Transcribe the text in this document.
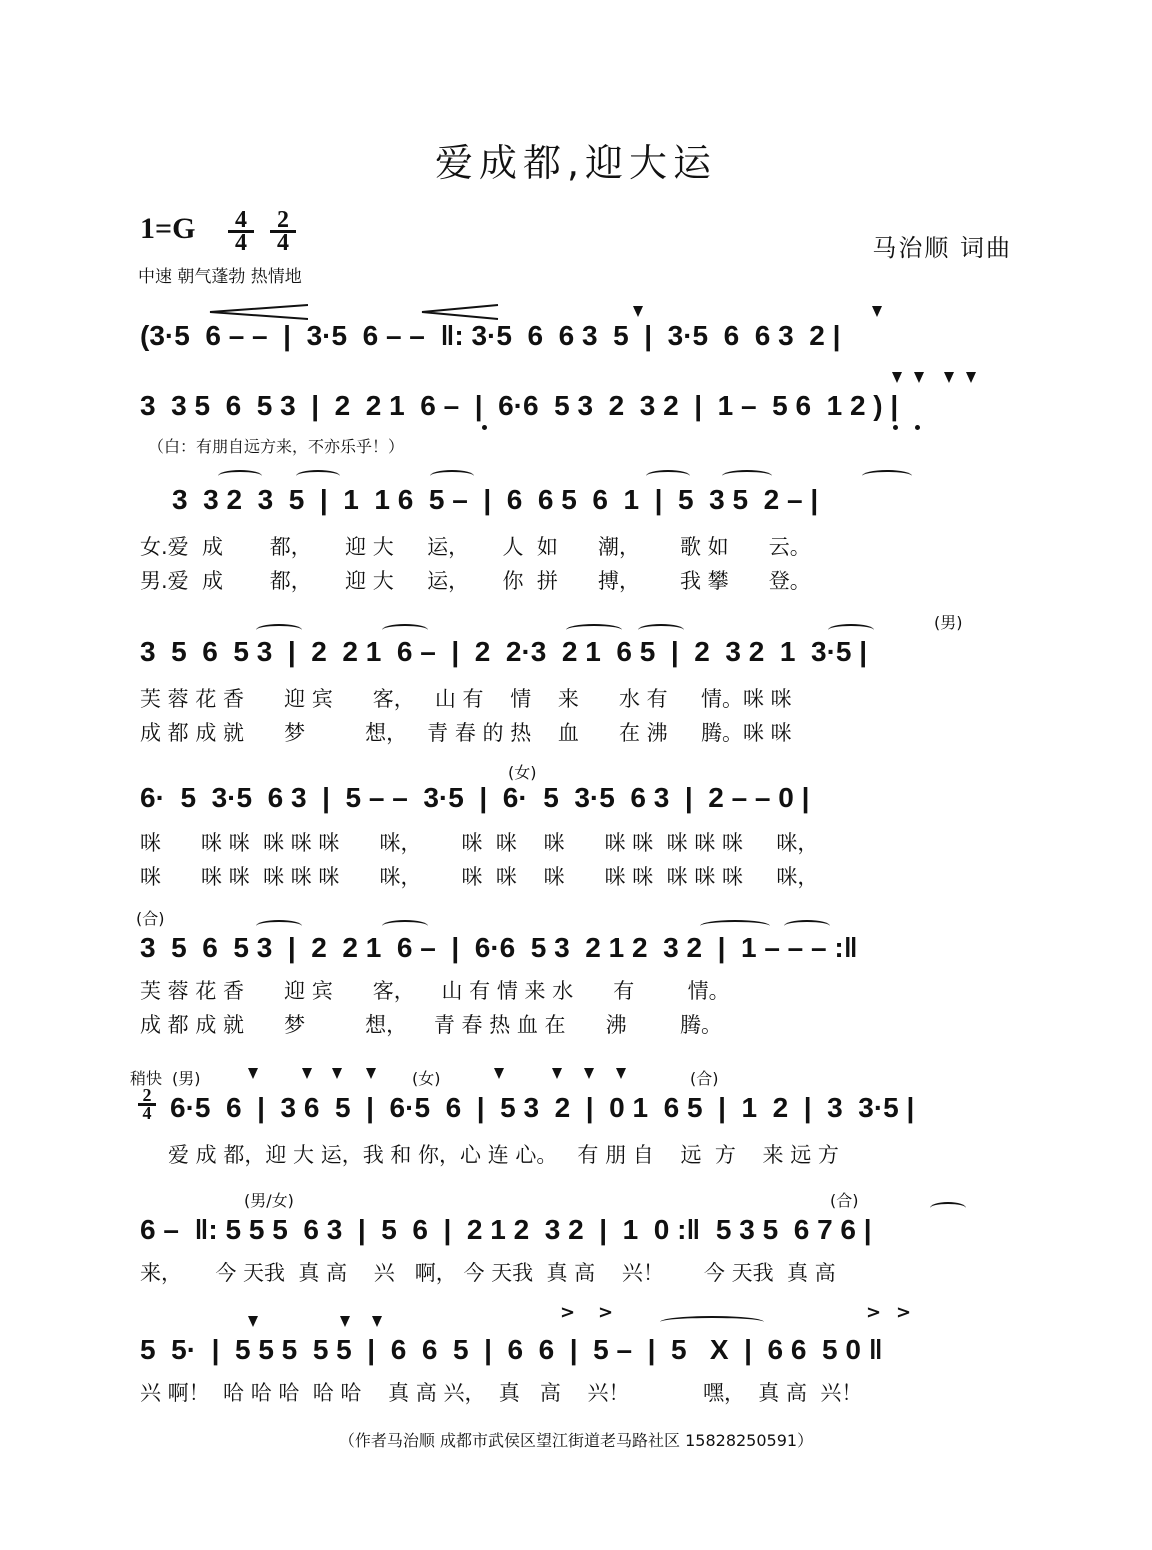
爱成都,迎大运
$1=G \frac{4}{4} \frac{2}{4}$
中速 朝气蓬勃 热情地
马治顺 词曲
(3·5  6 – –  |  3·5  6 – –  ‖: 3·5  6  6 3  5  |  3·5  6  6 3  2 |
3  3 5  6  5 3  |  2  2 1  6 –  |  6·6  5 3  2  3 2  |  1 –  5 6  1 2 ) |
（白：有朋自远方来，不亦乐乎！）
3  3 2  3  5  |  1  1 6  5 –  |  6  6 5  6  1  |  5  3 5  2 – |
女.爱  成       都，     迎 大     运，     人  如      潮，      歌 如      云。
男.爱  成       都，     迎 大     运，     你  拼      搏，      我 攀      登。
(男)
3  5  6  5 3  |  2  2 1  6 –  |  2  2·3  2 1  6 5  |  2  3 2  1  3·5 |
芙 蓉 花 香      迎 宾      客，   山 有    情    来      水 有     情。咪 咪
成 都 成 就      梦         想，   青 春 的 热    血      在 沸     腾。咪 咪
(女)
6·  5  3·5  6 3  |  5 – –  3·5  |  6·  5  3·5  6 3  |  2 – – 0 |
咪      咪 咪  咪 咪 咪      咪，      咪  咪    咪      咪 咪  咪 咪 咪     咪，
咪      咪 咪  咪 咪 咪      咪，      咪  咪    咪      咪 咪  咪 咪 咪     咪，
(合)
3  5  6  5 3  |  2  2 1  6 –  |  6·6  5 3  2 1 2  3 2  |  1 – – – :‖
芙 蓉 花 香      迎 宾      客，    山 有 情 来 水      有        情。
成 都 成 就      梦         想，    青 春 热 血 在      沸        腾。
稍快 (男)	(女)	(合)
$\frac{2}{4} 6\cdot 5$  6  |  3 6  5  |  6·5  6  |  5 3  2  |  0 1  6 5  |  1  2  |  3  3·5 |
爱 成 都，迎 大 运，我 和 你，心 连 心。   有 朋 自    远  方    来 远 方
(男/女)	(合)
6 –  ‖: 5 5 5  6 3  |  5  6  |  2 1 2  3 2  |  1  0 :‖  5 3 5  6 7 6 |
来，     今 天我  真 高    兴   啊， 今 天我  真 高    兴！      今 天我  真 高
> >	> >
5  5·  |  5 5 5  5 5  |  6  6  5  |  6  6  |  5 –  |  5   X  |  6 6  5 0 ‖
兴 啊！  哈 哈 哈  哈 哈    真 高 兴，  真   高    兴！           嘿，  真 高  兴！
（作者马治顺 成都市武侯区望江街道老马路社区 15828250591）
